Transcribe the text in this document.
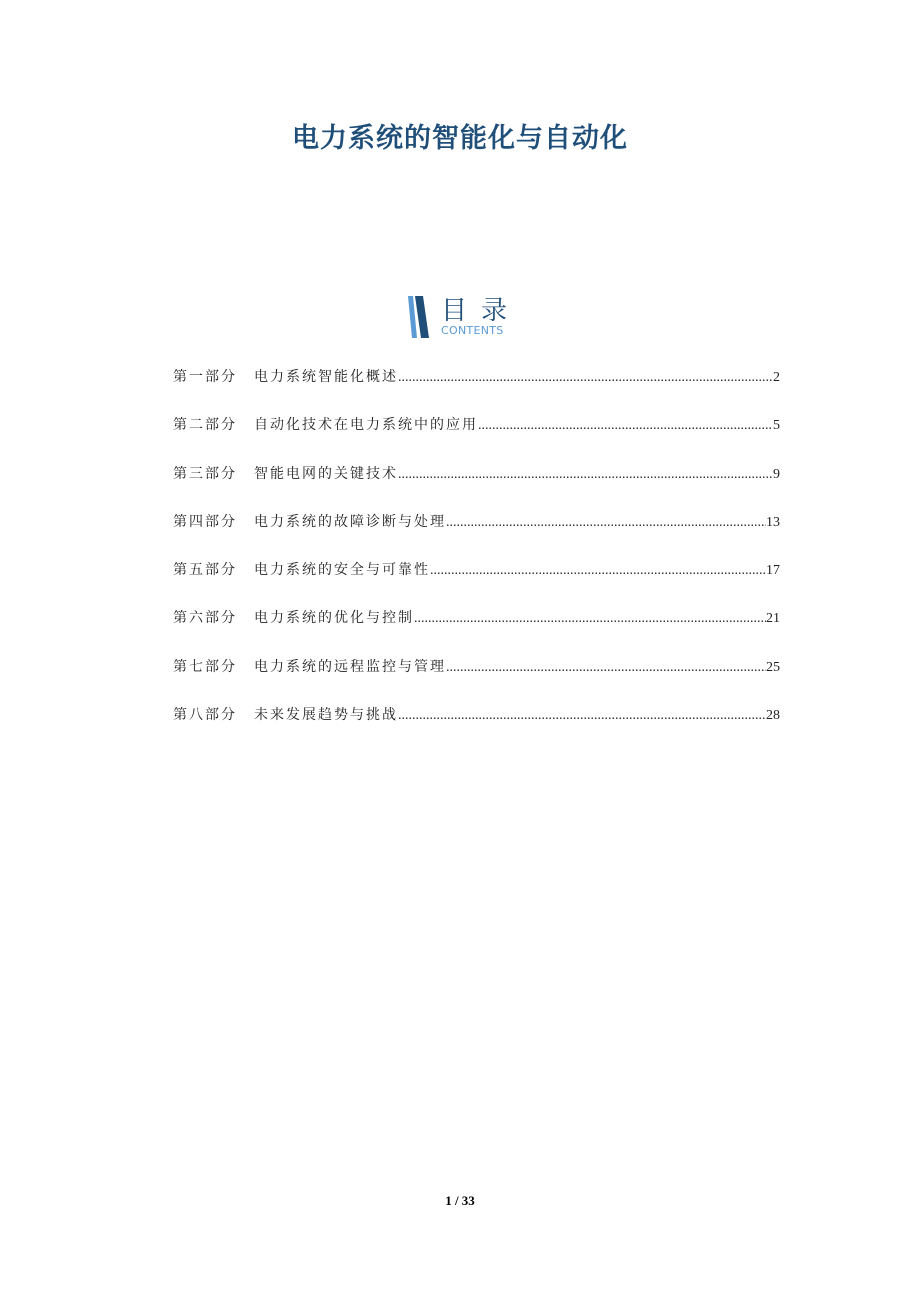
电力系统的智能化与自动化
目录
CONTENTS
第一部分	电力系统智能化概述 .....	2
第二部分	自动化技术在电力系统中的应用 .....	5
第三部分	智能电网的关键技术 .....	9
第四部分	电力系统的故障诊断与处理 .....	13
第五部分	电力系统的安全与可靠性 .....	17
第六部分	电力系统的优化与控制 .....	21
第七部分	电力系统的远程监控与管理 .....	25
第八部分	未来发展趋势与挑战 .....	28
1 / 33
